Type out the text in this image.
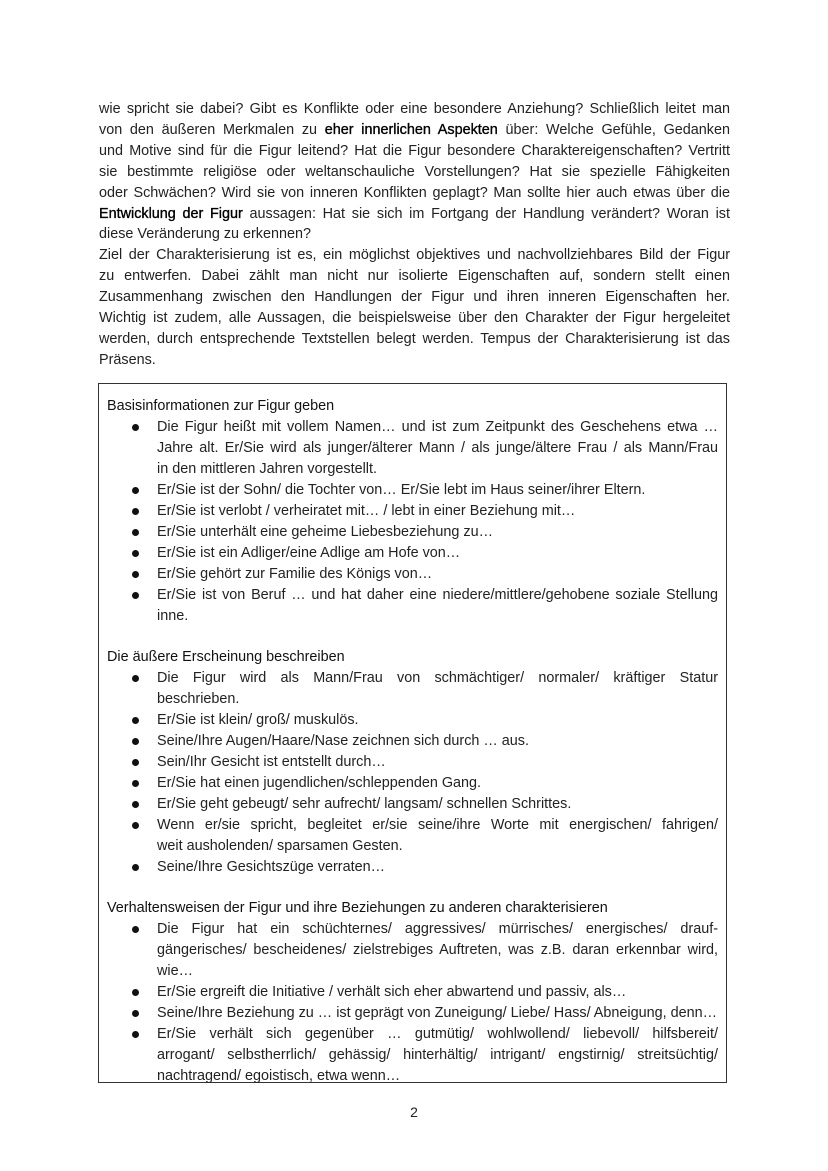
wie spricht sie dabei? Gibt es Konflikte oder eine besondere Anziehung? Schließlich leitet man
von den äußeren Merkmalen zu eher innerlichen Aspekten über: Welche Gefühle, Gedanken
und Motive sind für die Figur leitend? Hat die Figur besondere Charaktereigenschaften? Vertritt
sie bestimmte religiöse oder weltanschauliche Vorstellungen? Hat sie spezielle Fähigkeiten
oder Schwächen? Wird sie von inneren Konflikten geplagt? Man sollte hier auch etwas über die
Entwicklung der Figur aussagen: Hat sie sich im Fortgang der Handlung verändert? Woran ist
diese Veränderung zu erkennen?
Ziel der Charakterisierung ist es, ein möglichst objektives und nachvollziehbares Bild der Figur
zu entwerfen. Dabei zählt man nicht nur isolierte Eigenschaften auf, sondern stellt einen
Zusammenhang zwischen den Handlungen der Figur und ihren inneren Eigenschaften her.
Wichtig ist zudem, alle Aussagen, die beispielsweise über den Charakter der Figur hergeleitet
werden, durch entsprechende Textstellen belegt werden. Tempus der Charakterisierung ist das
Präsens.
Basisinformationen zur Figur geben
Die Figur heißt mit vollem Namen… und ist zum Zeitpunkt des Geschehens etwa …
Jahre alt. Er/Sie wird als junger/älterer Mann / als junge/ältere Frau / als Mann/Frau
in den mittleren Jahren vorgestellt.
Er/Sie ist der Sohn/ die Tochter von… Er/Sie lebt im Haus seiner/ihrer Eltern.
Er/Sie ist verlobt / verheiratet mit… / lebt in einer Beziehung mit…
Er/Sie unterhält eine geheime Liebesbeziehung zu…
Er/Sie ist ein Adliger/eine Adlige am Hofe von…
Er/Sie gehört zur Familie des Königs von…
Er/Sie ist von Beruf … und hat daher eine niedere/mittlere/gehobene soziale Stellung
inne.
Die äußere Erscheinung beschreiben
Die Figur wird als Mann/Frau von schmächtiger/ normaler/ kräftiger Statur
beschrieben.
Er/Sie ist klein/ groß/ muskulös.
Seine/Ihre Augen/Haare/Nase zeichnen sich durch … aus.
Sein/Ihr Gesicht ist entstellt durch…
Er/Sie hat einen jugendlichen/schleppenden Gang.
Er/Sie geht gebeugt/ sehr aufrecht/ langsam/ schnellen Schrittes.
Wenn er/sie spricht, begleitet er/sie seine/ihre Worte mit energischen/ fahrigen/
weit ausholenden/ sparsamen Gesten.
Seine/Ihre Gesichtszüge verraten…
Verhaltensweisen der Figur und ihre Beziehungen zu anderen charakterisieren
Die Figur hat ein schüchternes/ aggressives/ mürrisches/ energisches/ drauf-
gängerisches/ bescheidenes/ zielstrebiges Auftreten, was z.B. daran erkennbar wird,
wie…
Er/Sie ergreift die Initiative / verhält sich eher abwartend und passiv, als…
Seine/Ihre Beziehung zu … ist geprägt von Zuneigung/ Liebe/ Hass/ Abneigung, denn…
Er/Sie verhält sich gegenüber … gutmütig/ wohlwollend/ liebevoll/ hilfsbereit/
arrogant/ selbstherrlich/ gehässig/ hinterhältig/ intrigant/ engstirnig/ streitsüchtig/
nachtragend/ egoistisch, etwa wenn…
2
